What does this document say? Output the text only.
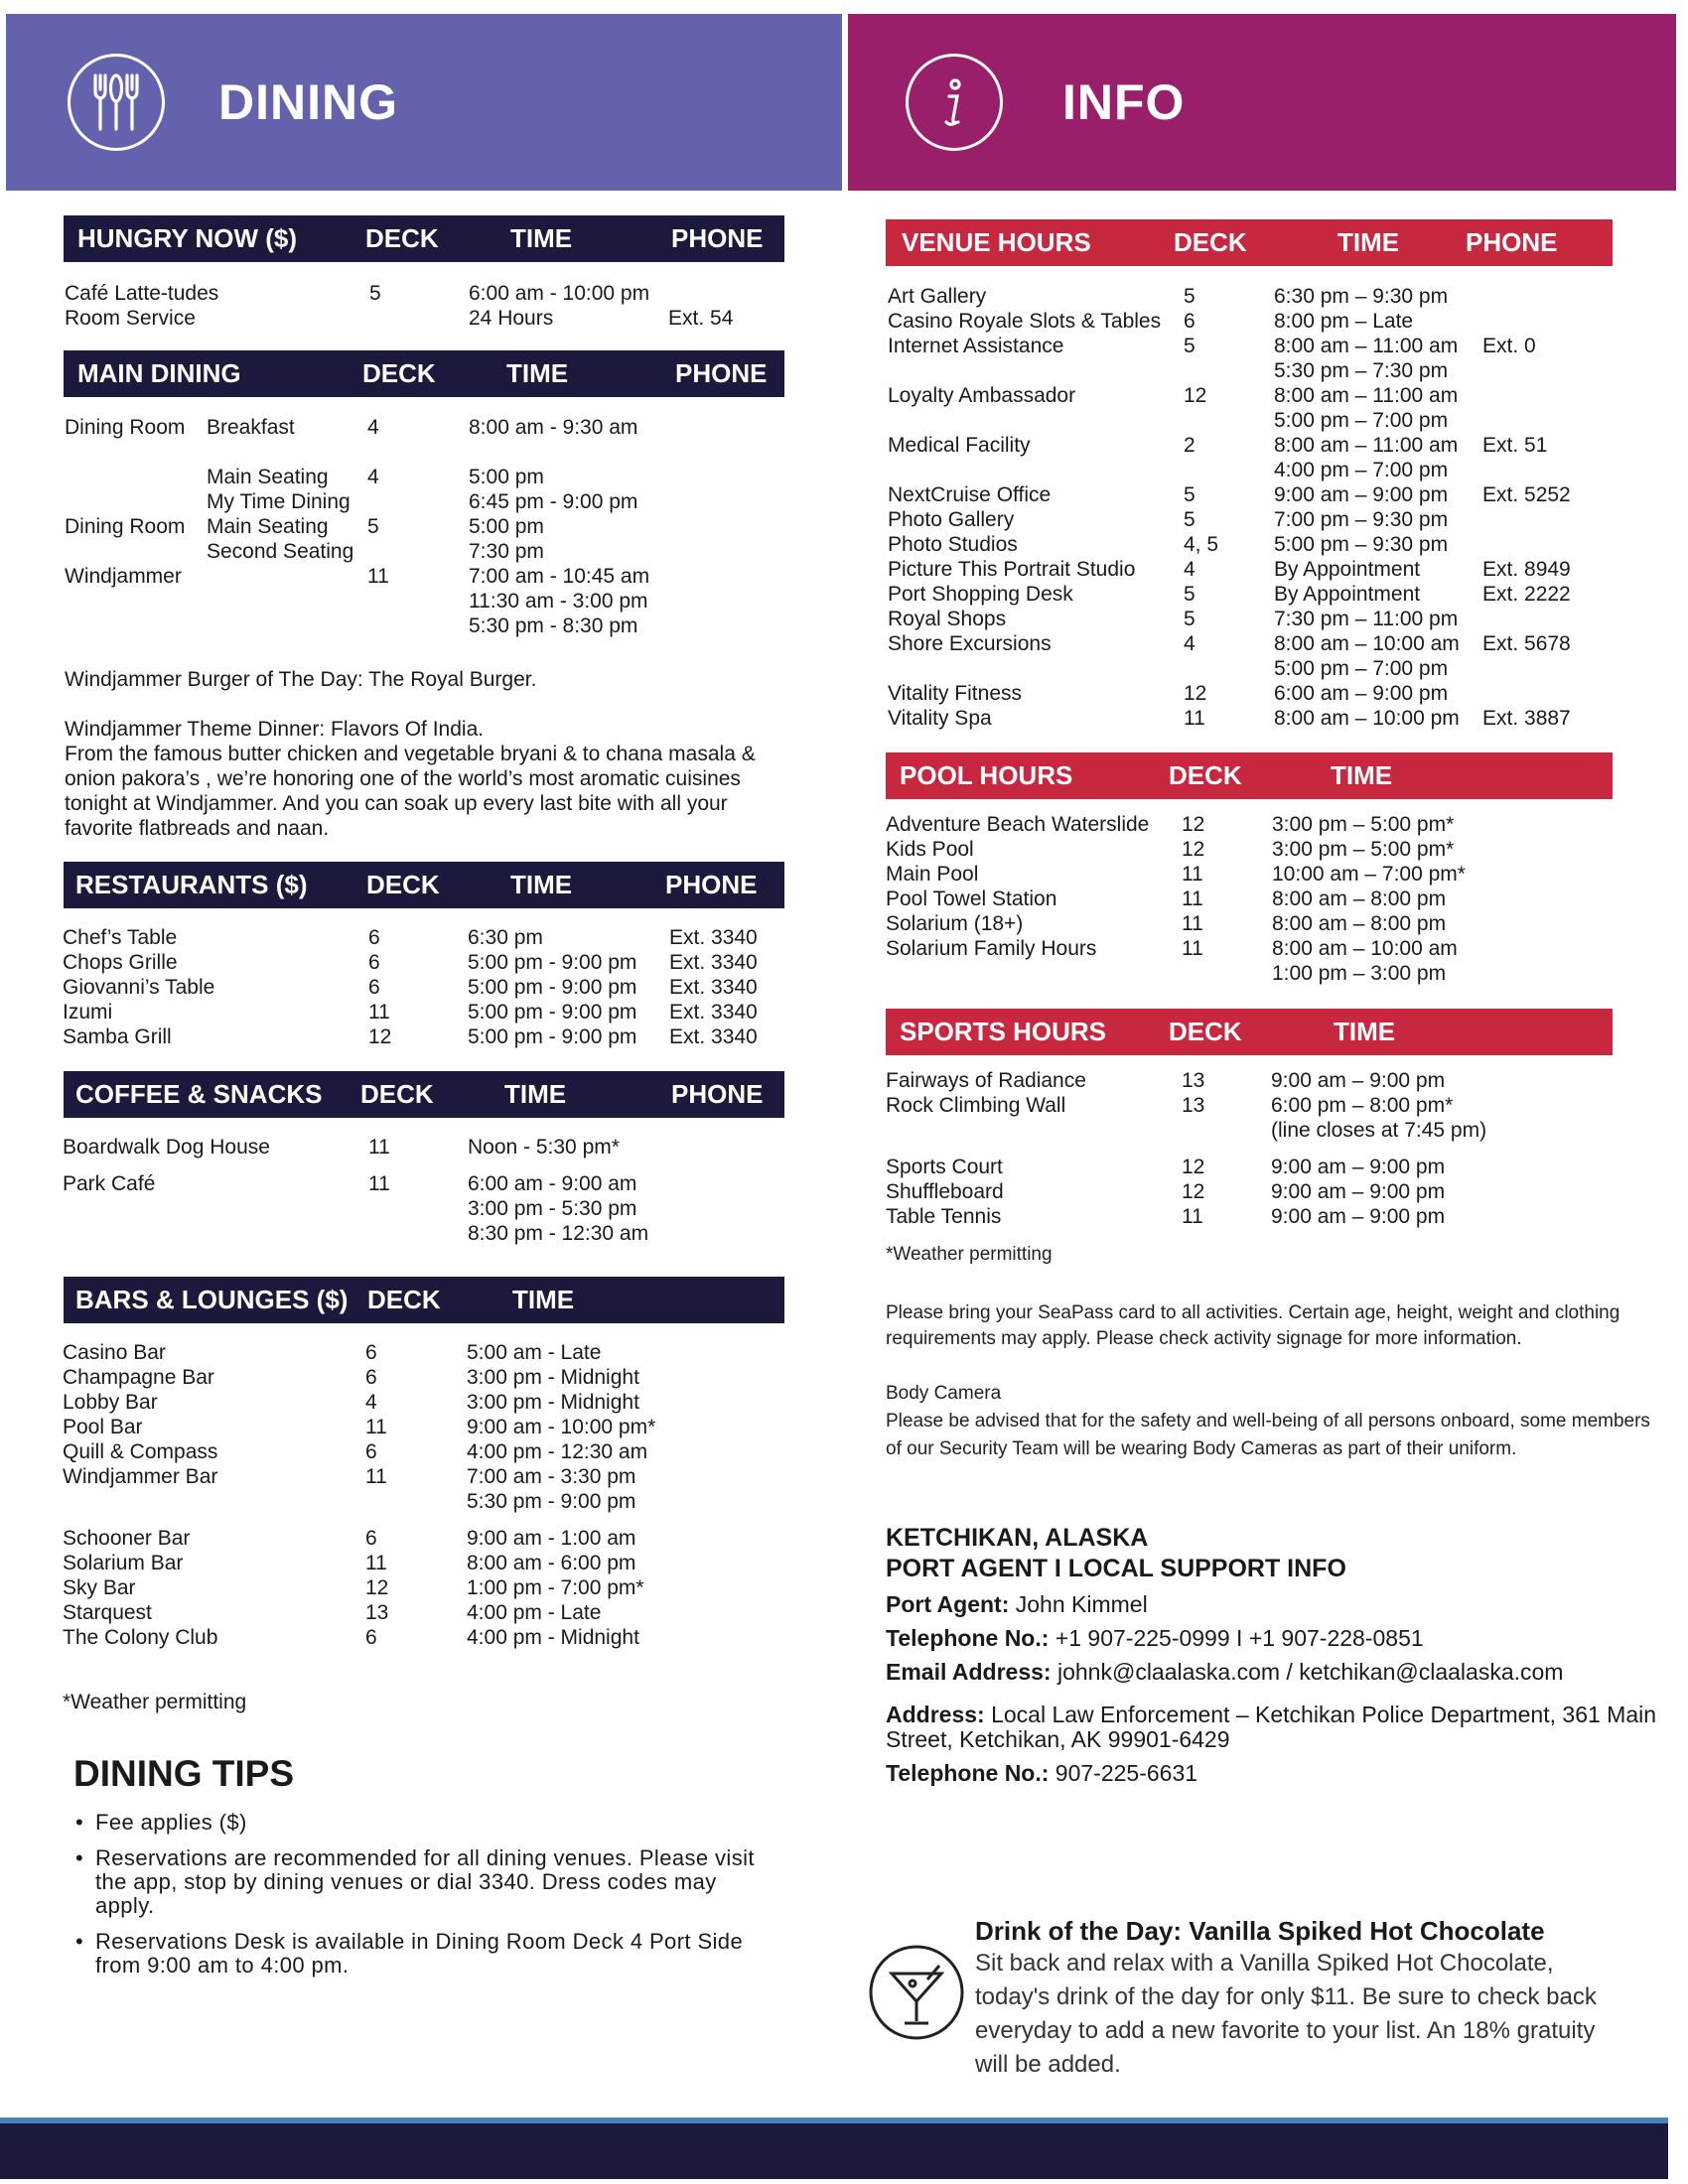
DINING	INFO
HUNGRY NOW ($)	DECK	TIME	PHONE
Café Latte-tudes	5	6:00 am - 10:00 pm
Room Service	24 Hours	Ext. 54
MAIN DINING	DECK	TIME	PHONE
Dining Room Breakfast	4	8:00 am - 9:30 am
Main Seating 4	5:00 pm
My Time Dining	6:45 pm - 9:00 pm
Dining Room Main Seating 5	5:00 pm
Second Seating	7:30 pm
Windjammer	11	7:00 am - 10:45 am
11:30 am - 3:00 pm
5:30 pm - 8:30 pm
RESTAURANTS ($) DECK	TIME	PHONE
Chef’s Table	6	6:30 pm	Ext. 3340
Chops Grille	6	5:00 pm - 9:00 pm Ext. 3340
Giovanni’s Table	6	5:00 pm - 9:00 pm Ext. 3340
Izumi	11	5:00 pm - 9:00 pm Ext. 3340
Samba Grill	12	5:00 pm - 9:00 pm Ext. 3340
COFFEE & SNACKS DECK	TIME	PHONE
Boardwalk Dog House	11	Noon - 5:30 pm*
Park Café	11	6:00 am - 9:00 am
3:00 pm - 5:30 pm
8:30 pm - 12:30 am
BARS & LOUNGES ($) DECK	TIME
Casino Bar	6	5:00 am - Late
Champagne Bar	6	3:00 pm - Midnight
Lobby Bar	4	3:00 pm - Midnight
Pool Bar	11	9:00 am - 10:00 pm*
Quill & Compass	6	4:00 pm - 12:30 am
Windjammer Bar	11	7:00 am - 3:30 pm
5:30 pm - 9:00 pm
Schooner Bar	6	9:00 am - 1:00 am
Solarium Bar	11	8:00 am - 6:00 pm
Sky Bar	12	1:00 pm - 7:00 pm*
Starquest	13	4:00 pm - Late
The Colony Club	6	4:00 pm - Midnight
Windjammer Burger of The Day: The Royal Burger.
Windjammer Theme Dinner: Flavors Of India.
From the famous butter chicken and vegetable bryani & to chana masala & onion pakora’s , we’re honoring one of the world’s most aromatic cuisines tonight at Windjammer. And you can soak up every last bite with all your favorite flatbreads and naan.
*Weather permitting
DINING TIPS
• Fee applies ($)
• Reservations are recommended for all dining venues. Please visit the app, stop by dining venues or dial 3340. Dress codes may apply.
• Reservations Desk is available in Dining Room Deck 4 Port Side from 9:00 am to 4:00 pm.
*Weather permitting
Please bring your SeaPass card to all activities. Certain age, height, weight and clothing requirements may apply. Please check activity signage for more information.
Body Camera
Please be advised that for the safety and well-being of all persons onboard, some members of our Security Team will be wearing Body Cameras as part of their uniform.
KETCHIKAN, ALASKA
PORT AGENT I LOCAL SUPPORT INFO
Port Agent: John Kimmel
Telephone No.: +1 907-225-0999 I +1 907-228-0851
Email Address: johnk@claalaska.com / ketchikan@claalaska.com
Address: Local Law Enforcement – Ketchikan Police Department, 361 Main Street, Ketchikan, AK 99901-6429
Telephone No.: 907-225-6631
Drink of the Day: Vanilla Spiked Hot Chocolate
Sit back and relax with a Vanilla Spiked Hot Chocolate, today's drink of the day for only $11. Be sure to check back everyday to add a new favorite to your list. An 18% gratuity will be added.
VENUE HOURS	DECK	TIME	PHONE
Art Gallery	5	6:30 pm – 9:30 pm
Casino Royale Slots & Tables 6	8:00 pm – Late
Internet Assistance	5	8:00 am – 11:00 am Ext. 0
5:30 pm – 7:30 pm
Loyalty Ambassador	12	8:00 am – 11:00 am
5:00 pm – 7:00 pm
Medical Facility	2	8:00 am – 11:00 am Ext. 51
4:00 pm – 7:00 pm
NextCruise Office	5	9:00 am – 9:00 pm Ext. 5252
Photo Gallery	5	7:00 pm – 9:30 pm
Photo Studios	4, 5	5:00 pm – 9:30 pm
Picture This Portrait Studio 4	By Appointment	Ext. 8949
Port Shopping Desk	5	By Appointment	Ext. 2222
Royal Shops	5	7:30 pm – 11:00 pm
Shore Excursions	4	8:00 am – 10:00 am Ext. 5678
5:00 pm – 7:00 pm
Vitality Fitness	12	6:00 am – 9:00 pm
Vitality Spa	11	8:00 am – 10:00 pm Ext. 3887
POOL HOURS	DECK	TIME
Adventure Beach Waterslide 12	3:00 pm – 5:00 pm*
Kids Pool	12	3:00 pm – 5:00 pm*
Main Pool	11	10:00 am – 7:00 pm*
Pool Towel Station	11	8:00 am – 8:00 pm
Solarium (18+)	11	8:00 am – 8:00 pm
Solarium Family Hours	11	8:00 am – 10:00 am
1:00 pm – 3:00 pm
SPORTS HOURS DECK	TIME
Fairways of Radiance	13	9:00 am – 9:00 pm
Rock Climbing Wall	13	6:00 pm – 8:00 pm*
(line closes at 7:45 pm)
Sports Court	12	9:00 am – 9:00 pm
Shuffleboard	12	9:00 am – 9:00 pm
Table Tennis	11	9:00 am – 9:00 pm
